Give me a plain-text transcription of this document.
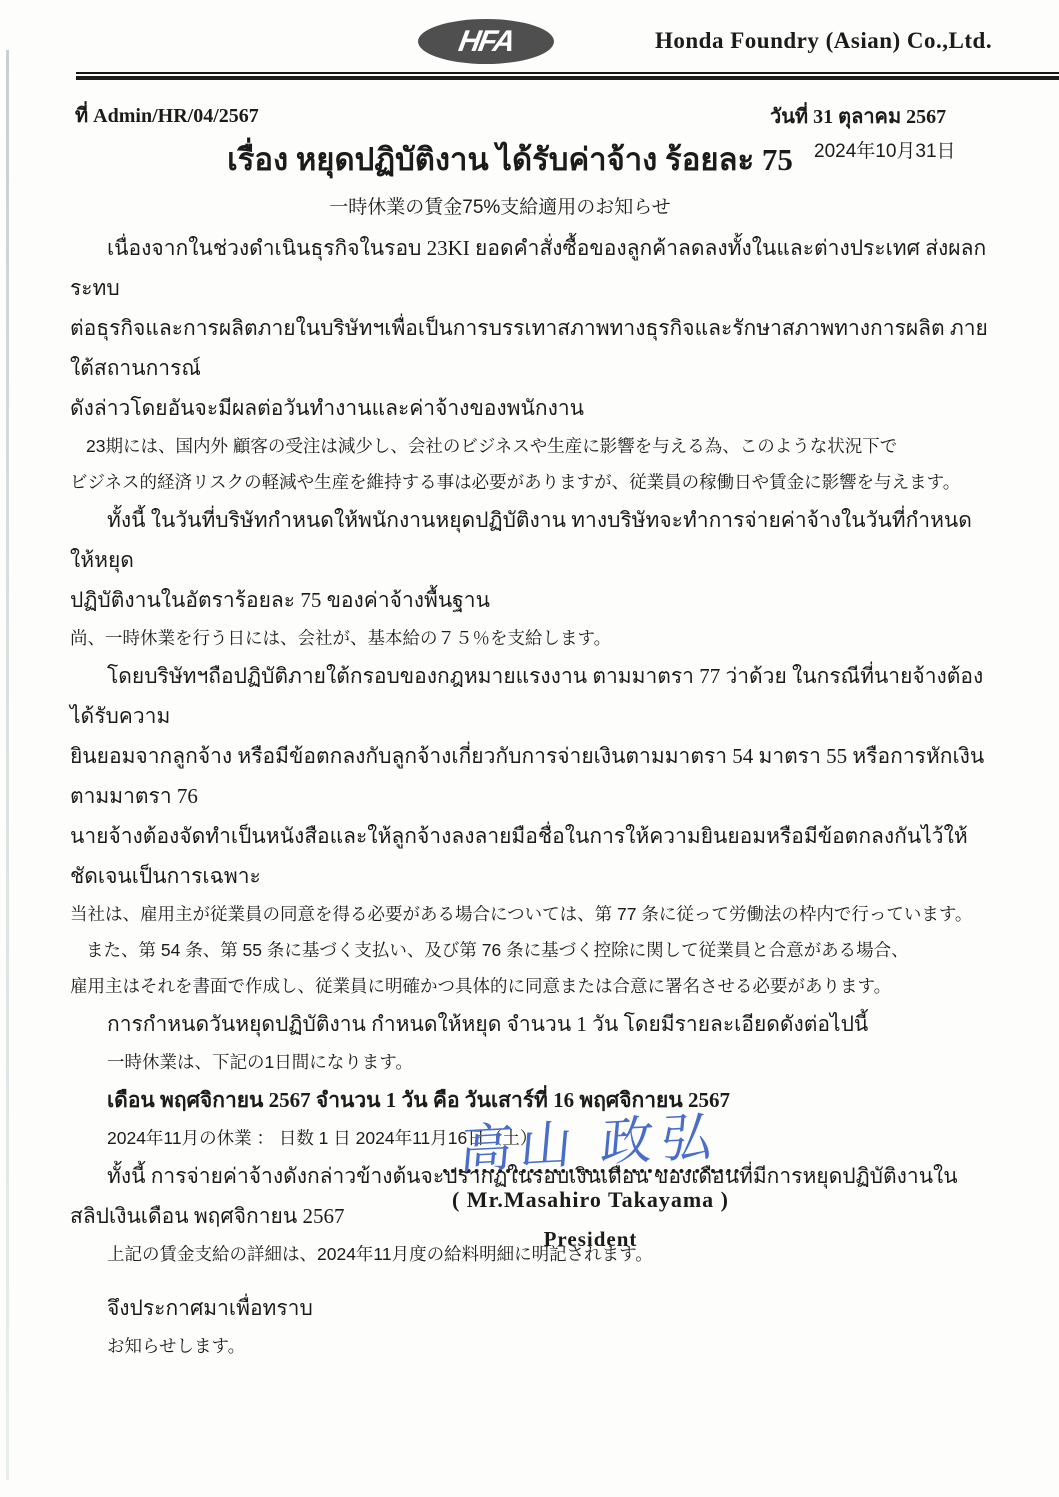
HFA	Honda Foundry (Asian) Co.,Ltd.
ที่ Admin/HR/04/2567	วันที่ 31 ตุลาคม 2567
2024年10月31日
เรื่อง หยุดปฏิบัติงาน ได้รับค่าจ้าง ร้อยละ 75
一時休業の賃金75%支給適用のお知らせ

เนื่องจากในช่วงดำเนินธุรกิจในรอบ 23KI ยอดคำสั่งซื้อของลูกค้าลดลงทั้งในและต่างประเทศ ส่งผลกระทบ

ต่อธุรกิจและการผลิตภายในบริษัทฯเพื่อเป็นการบรรเทาสภาพทางธุรกิจและรักษาสภาพทางการผลิต ภายใต้สถานการณ์

ดังล่าวโดยอันจะมีผลต่อวันทำงานและค่าจ้างของพนักงาน

23期には、国内外 顧客の受注は減少し、会社のビジネスや生産に影響を与える為、このような状況下で

ビジネス的経済リスクの軽減や生産を維持する事は必要がありますが、従業員の稼働日や賃金に影響を与えます。

ทั้งนี้ ในวันที่บริษัทกำหนดให้พนักงานหยุดปฏิบัติงาน ทางบริษัทจะทำการจ่ายค่าจ้างในวันที่กำหนดให้หยุด

ปฏิบัติงานในอัตราร้อยละ 75 ของค่าจ้างพื้นฐาน

尚、一時休業を行う日には、会社が、基本給の７５％を支給します。

โดยบริษัทฯถือปฏิบัติภายใต้กรอบของกฎหมายแรงงาน ตามมาตรา 77 ว่าด้วย ในกรณีที่นายจ้างต้องได้รับความ

ยินยอมจากลูกจ้าง หรือมีข้อตกลงกับลูกจ้างเกี่ยวกับการจ่ายเงินตามมาตรา 54 มาตรา 55 หรือการหักเงินตามมาตรา 76

นายจ้างต้องจัดทำเป็นหนังสือและให้ลูกจ้างลงลายมือชื่อในการให้ความยินยอมหรือมีข้อตกลงกันไว้ให้ชัดเจนเป็นการเฉพาะ

当社は、雇用主が従業員の同意を得る必要がある場合については、第 77 条に従って労働法の枠内で行っています。

また、第 54 条、第 55 条に基づく支払い、及び第 76 条に基づく控除に関して従業員と合意がある場合、

雇用主はそれを書面で作成し、従業員に明確かつ具体的に同意または合意に署名させる必要があります。

การกำหนดวันหยุดปฏิบัติงาน กำหนดให้หยุด จำนวน 1 วัน โดยมีรายละเอียดดังต่อไปนี้

一時休業は、下記の1日間になります。

เดือน พฤศจิกายน 2567 จำนวน 1 วัน คือ วันเสาร์ที่ 16 พฤศจิกายน 2567

2024年11月の休業 ： 日数 1 日 2024年11月16日（土）

ทั้งนี้ การจ่ายค่าจ้างดังกล่าวข้างต้นจะปรากฏในรอบเงินเดือน ของเดือนที่มีการหยุดปฏิบัติงานใน

สลิปเงินเดือน พฤศจิกายน 2567

上記の賃金支給の詳細は、2024年11月度の給料明細に明記されます。

จึงประกาศมาเพื่อทราบ

お知らせします。

高山 政弘
( Mr.Masahiro Takayama )
President
